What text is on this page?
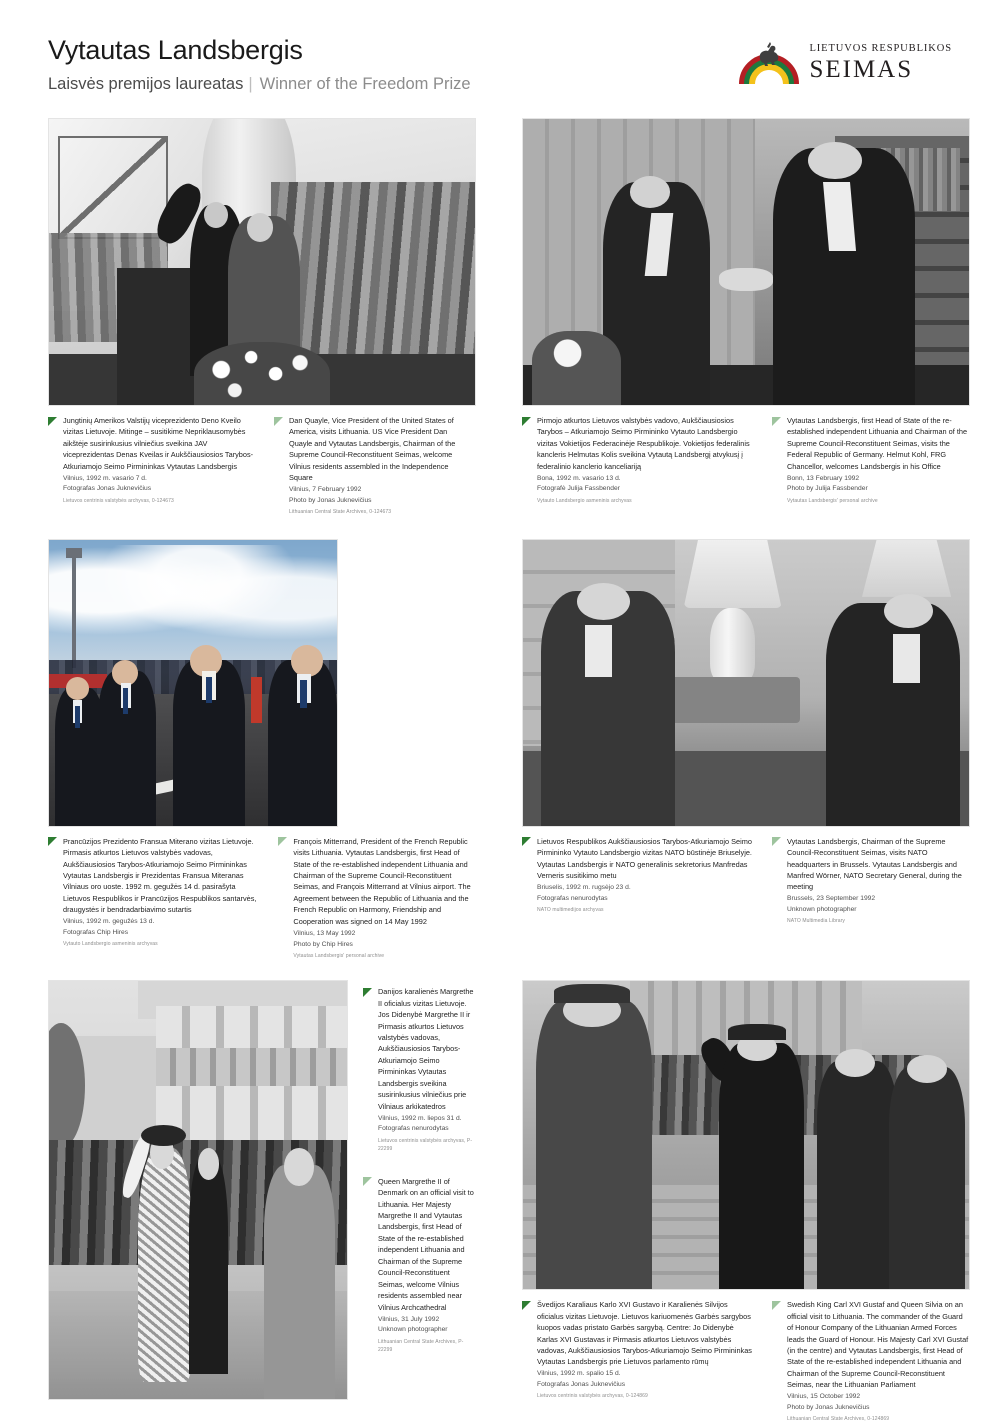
Vytautas Landsbergis
Laisvės premijos laureatas | Winner of the Freedom Prize
LIETUVOS RESPUBLIKOS
SEIMAS
Jungtinių Amerikos Valstijų viceprezidento Deno Kveilo vizitas Lietuvoje. Mitinge – susitikime Nepriklausomybės aikštėje susirinkusius vilniečius sveikina JAV viceprezidentas Denas Kveilas ir Aukščiausiosios Tarybos-Atkuriamojo Seimo Pirmininkas Vytautas Landsbergis
Vilnius, 1992 m. vasario 7 d.
Fotografas Jonas Juknevičius
Lietuvos centrinis valstybės archyvas, 0-124673
Dan Quayle, Vice President of the United States of America, visits Lithuania. US Vice President Dan Quayle and Vytautas Landsbergis, Chairman of the Supreme Council-Reconstituent Seimas, welcome Vilnius residents assembled in the Independence Square
Vilnius, 7 February 1992
Photo by Jonas Juknevičius
Lithuanian Central State Archives, 0-124673
Pirmojo atkurtos Lietuvos valstybės vadovo, Aukščiausiosios Tarybos – Atkuriamojo Seimo Pirmininko Vytauto Landsbergio vizitas Vokietijos Federacinėje Respublikoje. Vokietijos federalinis kancleris Helmutas Kolis sveikina Vytautą Landsbergį atvykusį į federalinio kanclerio kanceliariją
Bona, 1992 m. vasario 13 d.
Fotografė Julija Fassbender
Vytauto Landsbergio asmeninis archyvas
Vytautas Landsbergis, first Head of State of the re-established independent Lithuania and Chairman of the Supreme Council-Reconstituent Seimas, visits the Federal Republic of Germany. Helmut Kohl, FRG Chancellor, welcomes Landsbergis in his Office
Bonn, 13 February 1992
Photo by Julija Fassbender
Vytautas Landsbergis' personal archive
Prancūzijos Prezidento Fransua Miterano vizitas Lietuvoje. Pirmasis atkurtos Lietuvos valstybės vadovas, Aukščiausiosios Tarybos-Atkuriamojo Seimo Pirmininkas Vytautas Landsbergis ir Prezidentas Fransua Miteranas Vilniaus oro uoste. 1992 m. gegužės 14 d. pasirašyta Lietuvos Respublikos ir Prancūzijos Respublikos santarvės, draugystės ir bendradarbiavimo sutartis
Vilnius, 1992 m. gegužės 13 d.
Fotografas Chip Hires
Vytauto Landsbergio asmeninis archyvas
François Mitterrand, President of the French Republic visits Lithuania. Vytautas Landsbergis, first Head of State of the re-established independent Lithuania and Chairman of the Supreme Council-Reconstituent Seimas, and François Mitterrand at Vilnius airport. The Agreement between the Republic of Lithuania and the French Republic on Harmony, Friendship and Cooperation was signed on 14 May 1992
Vilnius, 13 May 1992
Photo by Chip Hires
Vytautas Landsbergis' personal archive
Lietuvos Respublikos Aukščiausiosios Tarybos-Atkuriamojo Seimo Pirmininko Vytauto Landsbergio vizitas NATO būstinėje Briuselyje. Vytautas Landsbergis ir NATO generalinis sekretorius Manfredas Verneris susitikimo metu
Briuselis, 1992 m. rugsėjo 23 d.
Fotografas nenurodytas
NATO multimedijos archyvas
Vytautas Landsbergis, Chairman of the Supreme Council-Reconstituent Seimas, visits NATO headquarters in Brussels. Vytautas Landsbergis and Manfred Wörner, NATO Secretary General, during the meeting
Brussels, 23 September 1992
Unknown photographer
NATO Multimedia Library
Danijos karalienės Margrethe II oficialus vizitas Lietuvoje. Jos Didenybė Margrethe II ir Pirmasis atkurtos Lietuvos valstybės vadovas, Aukščiausiosios Tarybos-Atkuriamojo Seimo Pirmininkas Vytautas Landsbergis sveikina susirinkusius vilniečius prie Vilniaus arkikatedros
Vilnius, 1992 m. liepos 31 d.
Fotografas nenurodytas
Lietuvos centrinis valstybės archyvas, P-22299
Queen Margrethe II of Denmark on an official visit to Lithuania. Her Majesty Margrethe II and Vytautas Landsbergis, first Head of State of the re-established independent Lithuania and Chairman of the Supreme Council-Reconstituent Seimas, welcome Vilnius residents assembled near Vilnius Archcathedral
Vilnius, 31 July 1992
Unknown photographer
Lithuanian Central State Archives, P-22299
Švedijos Karaliaus Karlo XVI Gustavo ir Karalienės Silvijos oficialus vizitas Lietuvoje. Lietuvos kariuomenės Garbės sargybos kuopos vadas pristato Garbės sargybą. Centre: Jo Didenybė Karlas XVI Gustavas ir Pirmasis atkurtos Lietuvos valstybės vadovas, Aukščiausiosios Tarybos-Atkuriamojo Seimo Pirmininkas Vytautas Landsbergis prie Lietuvos parlamento rūmų
Vilnius, 1992 m. spalio 15 d.
Fotografas Jonas Juknevičius
Lietuvos centrinis valstybės archyvas, 0-124869
Swedish King Carl XVI Gustaf and Queen Silvia on an official visit to Lithuania. The commander of the Guard of Honour Company of the Lithuanian Armed Forces leads the Guard of Honour. His Majesty Carl XVI Gustaf (in the centre) and Vytautas Landsbergis, first Head of State of the re-established independent Lithuania and Chairman of the Supreme Council-Reconstituent Seimas, near the Lithuanian Parliament
Vilnius, 15 October 1992
Photo by Jonas Juknevičius
Lithuanian Central State Archives, 0-124869
